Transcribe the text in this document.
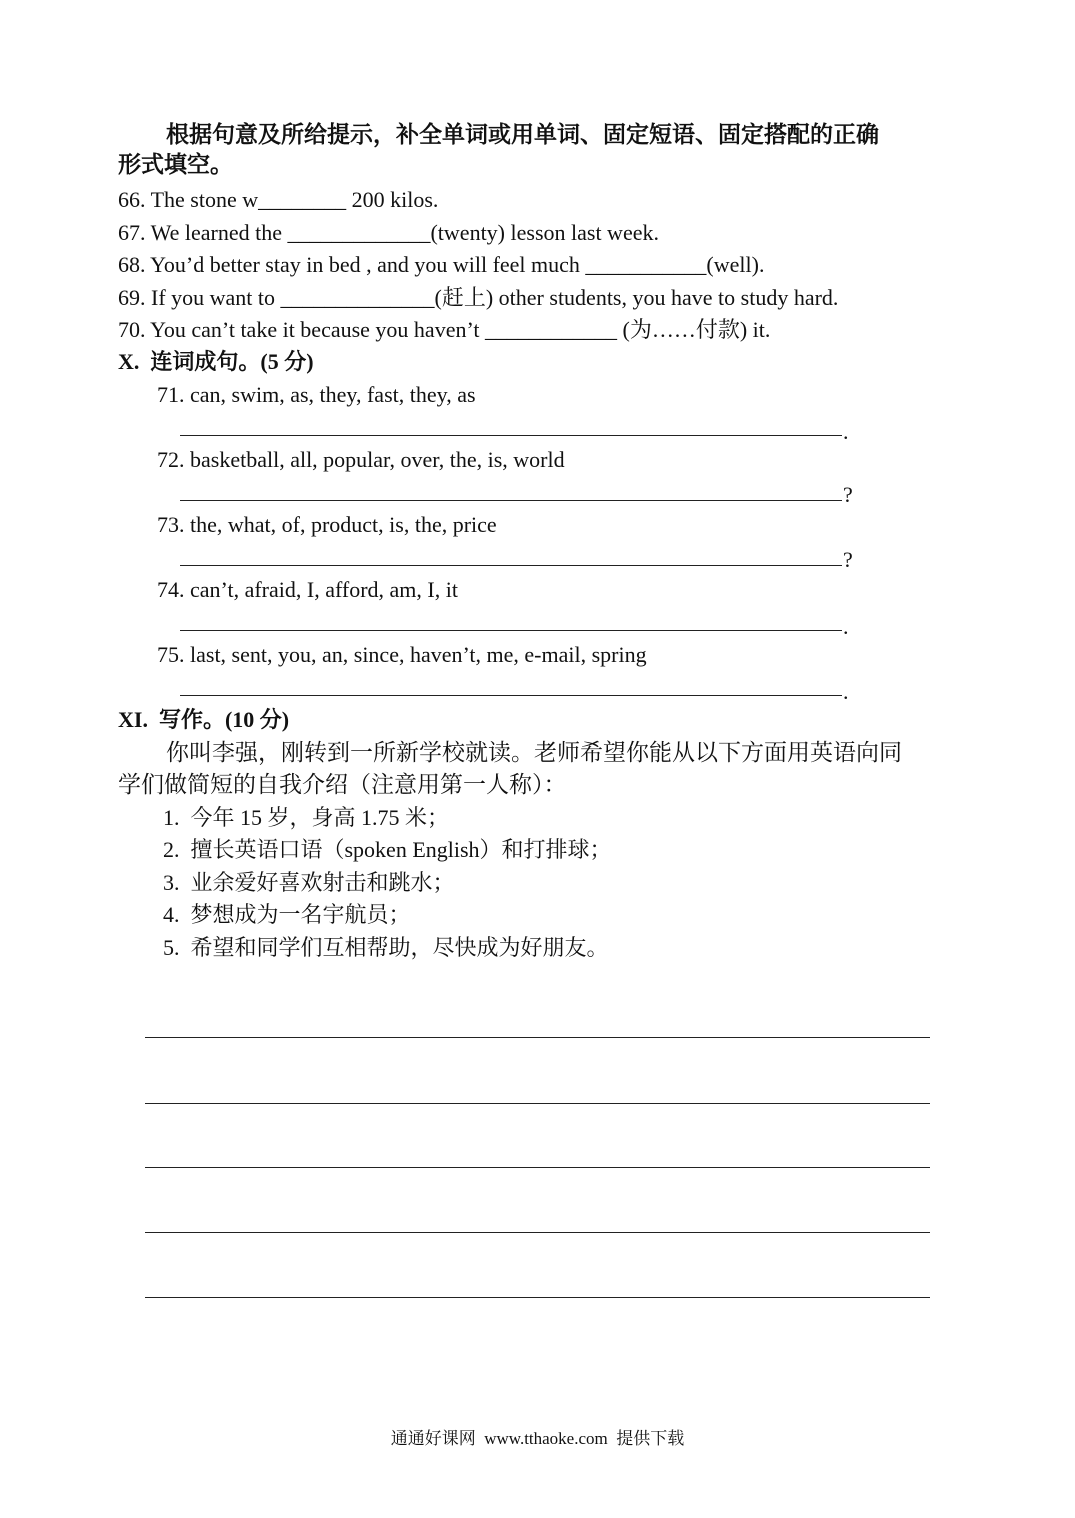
根据句意及所给提示，补全单词或用单词、固定短语、固定搭配的正确
形式填空。
66. The stone w________ 200 kilos.
67. We learned the _____________(twenty) lesson last week.
68. You’d better stay in bed , and you will feel much ___________(well).
69. If you want to ______________(赶上) other students, you have to study hard.
70. You can’t take it because you haven’t ____________ (为……付款) it.
X.  连词成句。(5 分)
71. can, swim, as, they, fast, they, as
.
72. basketball, all, popular, over, the, is, world
?
73. the, what, of, product, is, the, price
?
74. can’t, afraid, I, afford, am, I, it
.
75. last, sent, you, an, since, haven’t, me, e-mail, spring
.
XI.  写作。(10 分)
你叫李强，刚转到一所新学校就读。老师希望你能从以下方面用英语向同
学们做简短的自我介绍（注意用第一人称）：
1.  今年 15 岁，身高 1.75 米；
2.  擅长英语口语（spoken English）和打排球；
3.  业余爱好喜欢射击和跳水；
4.  梦想成为一名宇航员；
5.  希望和同学们互相帮助，尽快成为好朋友。
通通好课网  www.tthaoke.com  提供下载
